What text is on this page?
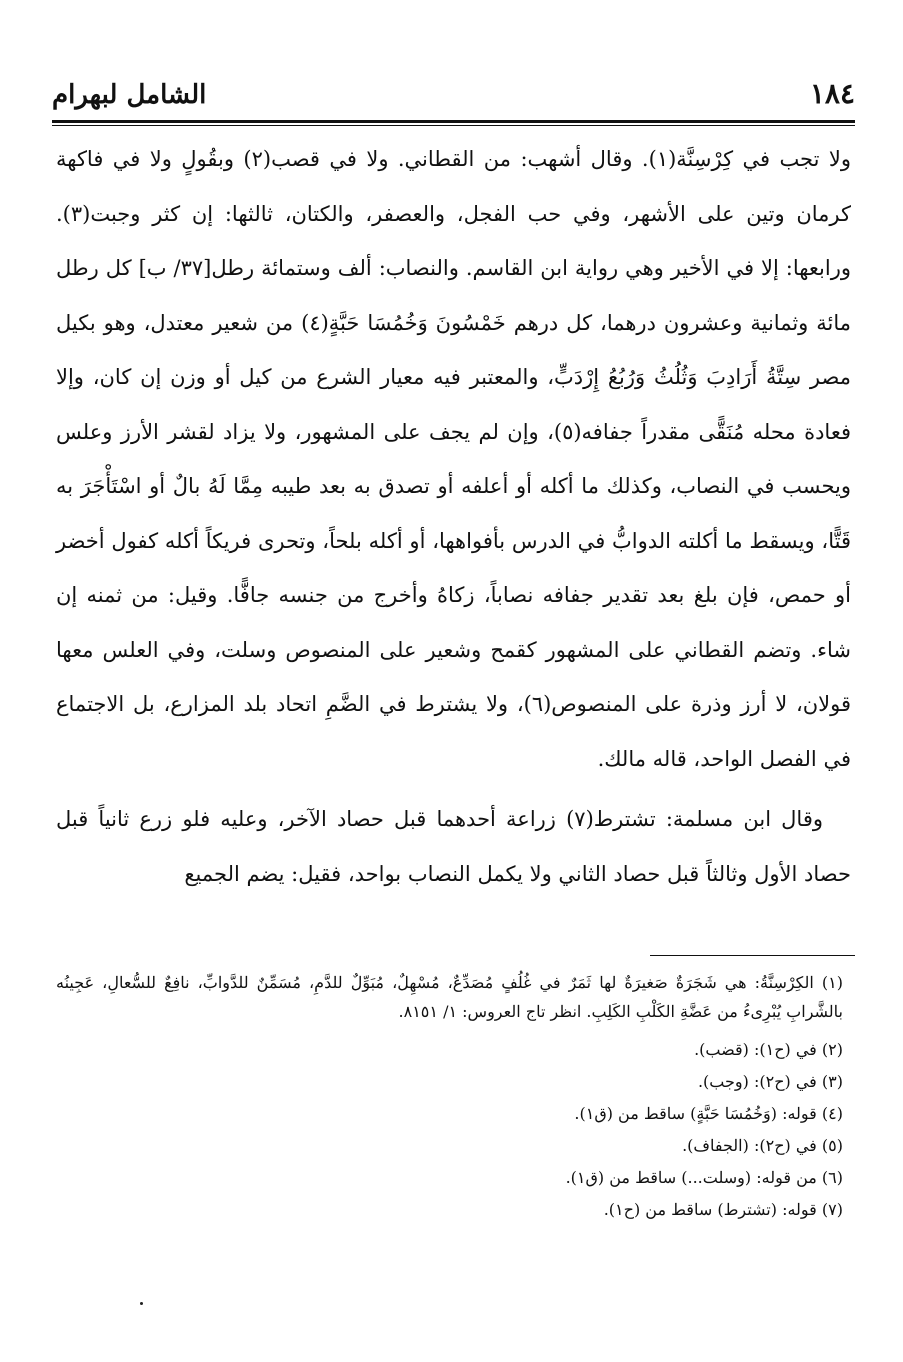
الشامل لبهرام	١٨٤

ولا تجب في كِرْسِنَّة(١). وقال أشهب: من القطاني. ولا في قصب(٢) وبقُولٍ ولا في فاكهة كرمان وتين على الأشهر، وفي حب الفجل، والعصفر، والكتان، ثالثها: إن كثر وجبت(٣). ورابعها: إلا في الأخير وهي رواية ابن القاسم. والنصاب: ألف وستمائة رطل[٣٧/ ب] كل رطل مائة وثمانية وعشرون درهما، كل درهم خَمْسُونَ وَخُمُسَا حَبَّةٍ(٤) من شعير معتدل، وهو بكيل مصر سِتَّةُ أَرَادِبَ وَثُلُثُ وَرُبُعُ إِرْدَبٍّ، والمعتبر فيه معيار الشرع من كيل أو وزن إن كان، وإلا فعادة محله مُنَقًّى مقدراً جفافه(٥)، وإن لم يجف على المشهور، ولا يزاد لقشر الأرز وعلس ويحسب في النصاب، وكذلك ما أكله أو أعلفه أو تصدق به بعد طيبه مِمَّا لَهُ بالٌ أو اسْتَأْجَرَ به قَتًّا، ويسقط ما أكلته الدوابُّ في الدرس بأفواهها، أو أكله بلحاً، وتحرى فريكاً أكله كفول أخضر أو حمص، فإن بلغ بعد تقدير جفافه نصاباً، زكاهُ وأخرج من جنسه جافًّا. وقيل: من ثمنه إن شاء. وتضم القطاني على المشهور كقمح وشعير على المنصوص وسلت، وفي العلس معها قولان، لا أرز وذرة على المنصوص(٦)، ولا يشترط في الضَّمِ اتحاد بلد المزارع، بل الاجتماع في الفصل الواحد، قاله مالك.

وقال ابن مسلمة: تشترط(٧) زراعة أحدهما قبل حصاد الآخر، وعليه فلو زرع ثانياً قبل حصاد الأول وثالثاً قبل حصاد الثاني ولا يكمل النصاب بواحد، فقيل: يضم الجميع

(١) الكِرْسِنَّةُ: هي شَجَرَةٌ صَغيرَةٌ لها ثَمَرٌ في غُلُفٍ مُصَدِّعٌ، مُسْهِلٌ، مُبَوِّلٌ للدَّمِ، مُسَمِّنٌ للدَّوابِّ، نافِعٌ للسُّعالِ، عَجِينُه بالشَّرابِ يُبْرِىءُ من عَضَّةِ الكَلْبِ الكَلِبِ. انظر تاج العروس: ١/ ٨١٥١.

(٢) في (ح١): (قضب).

(٣) في (ح٢): (وجب).

(٤) قوله: (وَخُمُسَا حَبَّةٍ) ساقط من (ق١).

(٥) في (ح٢): (الجفاف).

(٦) من قوله: (وسلت...) ساقط من (ق١).

(٧) قوله: (تشترط) ساقط من (ح١).
